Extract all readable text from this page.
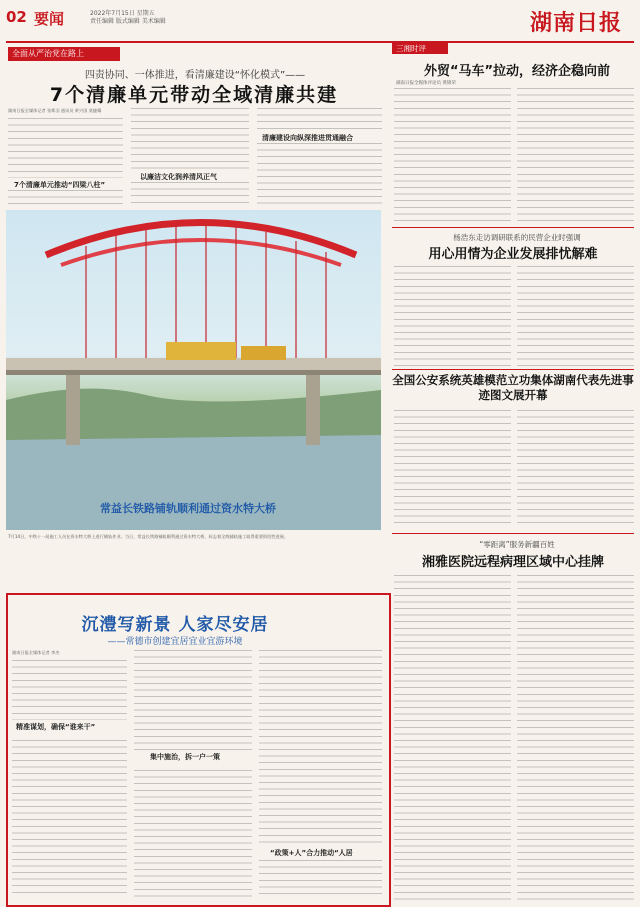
02 要闻	2022年7月15日 星期五
责任编辑 版式编辑 美术编辑	湖南日报
全面从严治党在路上
四责协同、一体推进，看清廉建设“怀化模式”——
7个清廉单元带动全域清廉共建
湖南日报全媒体记者 张斯羽 通讯员 黄兴国 莫捷耀
7个清廉单元推动“四梁八柱”
以廉洁文化润养清风正气
清廉建设向纵深推进贯通融合
常益长铁路铺轨顺利通过资水特大桥
7月14日，中铁十一局施工人员在资水特大桥上进行铺轨作业。当日，常益长铁路铺轨顺利通过资水特大桥，标志着全线铺轨施工取得重要阶段性进展。
沉澧写新景 人家尽安居
——常德市创建宜居宜业宜游环境
湖南日报全媒体记者 李杰
精准谋划，确保“谁来干”
集中施治，拆一户一策
“政策+人”合力推动“人居
三湘时评
外贸“马车”拉动，经济企稳向前
湖南日报全媒体评论员 黄锦荣
杨浩东走访调研联系的民营企业时强调
用心用情为企业发展排忧解难
全国公安系统英雄模范立功集体湖南代表先进事迹图文展开幕
“零距离”服务新疆百姓
湘雅医院远程病理区域中心挂牌
